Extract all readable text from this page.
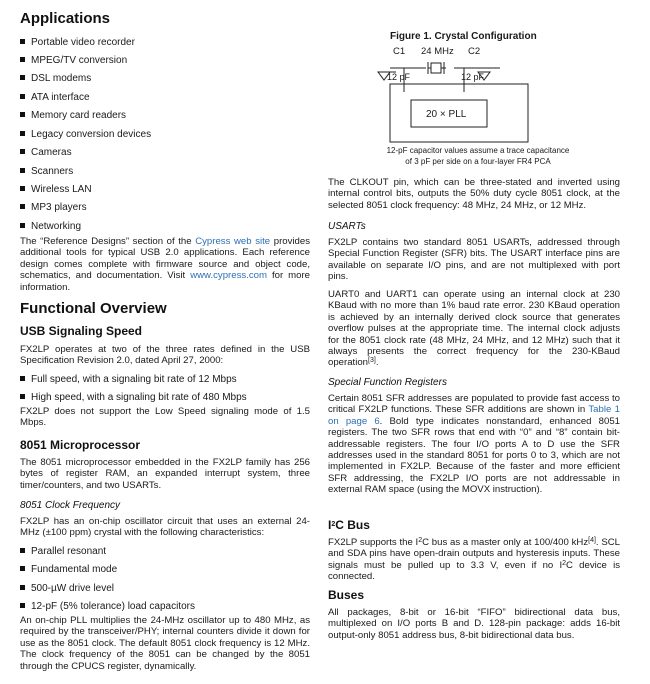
Applications
Portable video recorder
MPEG/TV conversion
DSL modems
ATA interface
Memory card readers
Legacy conversion devices
Cameras
Scanners
Wireless LAN
MP3 players
Networking
The “Reference Designs” section of the Cypress web site provides additional tools for typical USB 2.0 applications. Each reference design comes complete with firmware source and object code, schematics, and documentation. Visit www.cypress.com for more information.
Functional Overview
USB Signaling Speed
FX2LP operates at two of the three rates defined in the USB Specification Revision 2.0, dated April 27, 2000:
Full speed, with a signaling bit rate of 12 Mbps
High speed, with a signaling bit rate of 480 Mbps
FX2LP does not support the Low Speed signaling mode of 1.5 Mbps.
8051 Microprocessor
The 8051 microprocessor embedded in the FX2LP family has 256 bytes of register RAM, an expanded interrupt system, three timer/counters, and two USARTs.
8051 Clock Frequency
FX2LP has an on-chip oscillator circuit that uses an external 24-MHz (±100 ppm) crystal with the following characteristics:
Parallel resonant
Fundamental mode
500-µW drive level
12-pF (5% tolerance) load capacitors
An on-chip PLL multiplies the 24-MHz oscillator up to 480 MHz, as required by the transceiver/PHY; internal counters divide it down for use as the 8051 clock. The default 8051 clock frequency is 12 MHz. The clock frequency of the 8051 can be changed by the 8051 through the CPUCS register, dynamically.
Figure 1. Crystal Configuration
C1 24 MHz C2
12 pF	12 pF
20 × PLL
12-pF capacitor values assume a trace capacitance
of 3 pF per side on a four-layer FR4 PCA
The CLKOUT pin, which can be three-stated and inverted using internal control bits, outputs the 50% duty cycle 8051 clock, at the selected 8051 clock frequency: 48 MHz, 24 MHz, or 12 MHz.
USARTs
FX2LP contains two standard 8051 USARTs, addressed through Special Function Register (SFR) bits. The USART interface pins are available on separate I/O pins, and are not multiplexed with port pins.
UART0 and UART1 can operate using an internal clock at 230 KBaud with no more than 1% baud rate error. 230 KBaud operation is achieved by an internally derived clock source that generates overflow pulses at the appropriate time. The internal clock adjusts for the 8051 clock rate (48 MHz, 24 MHz, and 12 MHz) such that it always presents the correct frequency for the 230-KBaud operation[3].
Special Function Registers
Certain 8051 SFR addresses are populated to provide fast access to critical FX2LP functions. These SFR additions are shown in Table 1 on page 6. Bold type indicates nonstandard, enhanced 8051 registers. The two SFR rows that end with “0” and “8” contain bit-addressable registers. The four I/O ports A to D use the SFR addresses used in the standard 8051 for ports 0 to 3, which are not implemented in FX2LP. Because of the faster and more efficient SFR addressing, the FX2LP I/O ports are not addressable in external RAM space (using the MOVX instruction).
$I^2C$ Bus
FX2LP supports the $I^2C$ bus as a master only at 100/400 kHz[4]. SCL and SDA pins have open-drain outputs and hysteresis inputs. These signals must be pulled up to 3.3 V, even if no $I^2C$ device is connected.
Buses
All packages, 8-bit or 16-bit “FIFO” bidirectional data bus, multiplexed on I/O ports B and D. 128-pin package: adds 16-bit output-only 8051 address bus, 8-bit bidirectional data bus.
